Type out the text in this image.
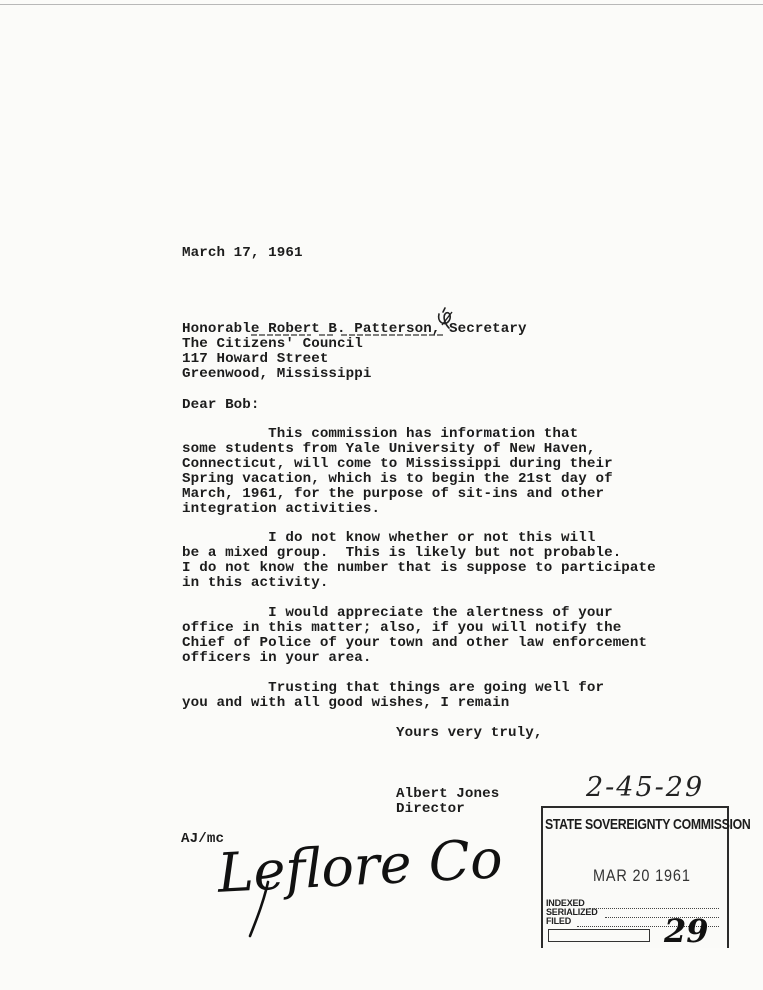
March 17, 1961

Honorable Robert B. Patterson, Secretary

The Citizens' Council

117 Howard Street

Greenwood, Mississippi

Dear Bob:

This commission has information that

some students from Yale University of New Haven,

Connecticut, will come to Mississippi during their

Spring vacation, which is to begin the 21st day of

March, 1961, for the purpose of sit-ins and other

integration activities.

I do not know whether or not this will

be a mixed group.  This is likely but not probable.

I do not know the number that is suppose to participate

in this activity.

I would appreciate the alertness of your

office in this matter; also, if you will notify the

Chief of Police of your town and other law enforcement

officers in your area.

Trusting that things are going well for

you and with all good wishes, I remain

Yours very truly,

Albert Jones

Director

AJ/mc

2-45-29

Leflore Co

STATE SOVEREIGNTY COMMISSION

MAR 20 1961

INDEXED

SERIALIZED

FILED	29
